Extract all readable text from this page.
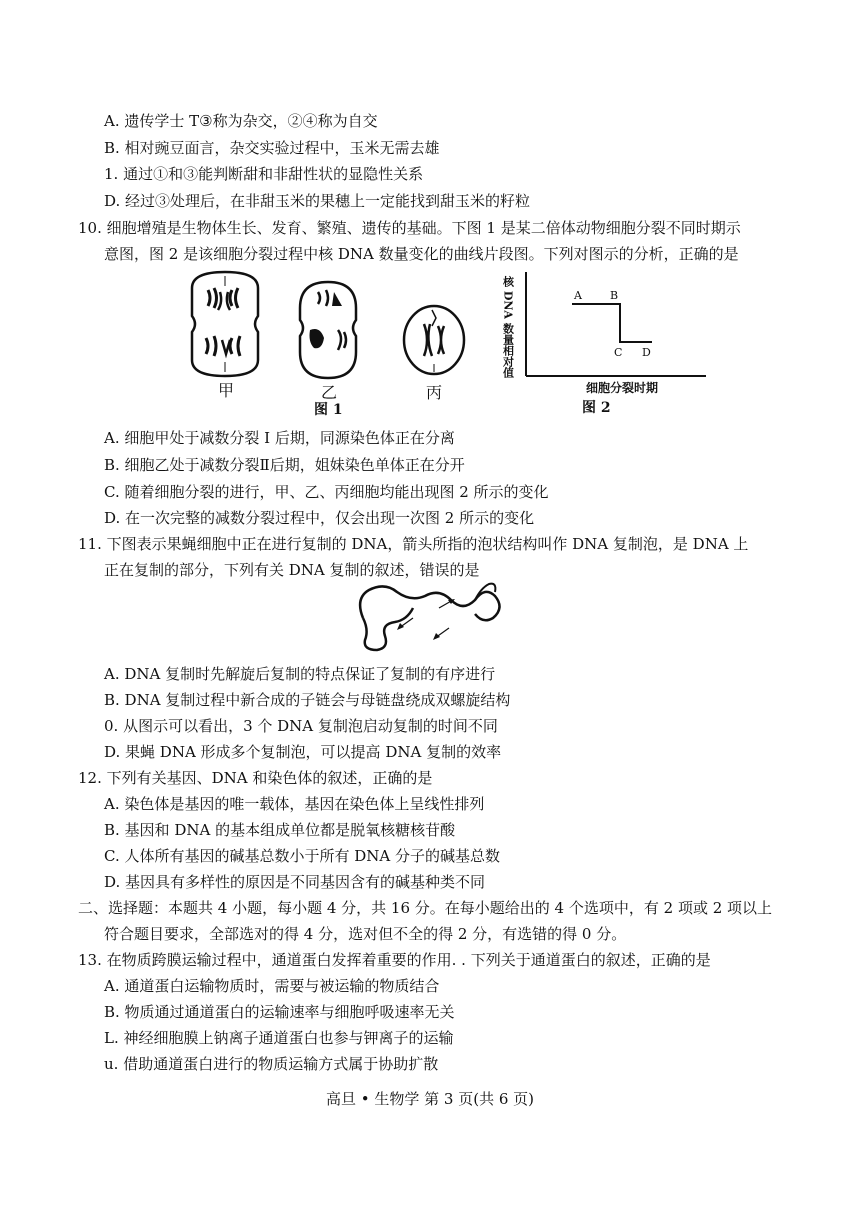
A. 遗传学士 T③称为杂交，②④称为自交
B. 相对豌豆面言，杂交实验过程中，玉米无需去雄
1. 通过①和③能判断甜和非甜性状的显隐性关系
D. 经过③处理后，在非甜玉米的果穗上一定能找到甜玉米的籽粒
10. 细胞增殖是生物体生长、发育、繁殖、遗传的基础。下图 1 是某二倍体动物细胞分裂不同时期示
意图，图 2 是该细胞分裂过程中核 DNA 数量变化的曲线片段图。下列对图示的分析，正确的是
甲	乙	丙
图 1
核 DNA 数量相对值	A	B
C D
细胞分裂时期
图 2
A. 细胞甲处于减数分裂 I 后期，同源染色体正在分离
B. 细胞乙处于减数分裂Ⅱ后期，姐妹染色单体正在分开
C. 随着细胞分裂的进行，甲、乙、丙细胞均能出现图 2 所示的变化
D. 在一次完整的减数分裂过程中，仅会出现一次图 2 所示的变化
11. 下图表示果蝇细胞中正在进行复制的 DNA，箭头所指的泡状结构叫作 DNA 复制泡，是 DNA 上
正在复制的部分，下列有关 DNA 复制的叙述，错误的是
A. DNA 复制时先解旋后复制的特点保证了复制的有序进行
B. DNA 复制过程中新合成的子链会与母链盘绕成双螺旋结构
0. 从图示可以看出，3 个 DNA 复制泡启动复制的时间不同
D. 果蝇 DNA 形成多个复制泡，可以提高 DNA 复制的效率
12. 下列有关基因、DNA 和染色体的叙述，正确的是
A. 染色体是基因的唯一载体，基因在染色体上呈线性排列
B. 基因和 DNA 的基本组成单位都是脱氧核糖核苷酸
C. 人体所有基因的碱基总数小于所有 DNA 分子的碱基总数
D. 基因具有多样性的原因是不同基因含有的碱基种类不同
二、选择题：本题共 4 小题，每小题 4 分，共 16 分。在每小题给出的 4 个选项中，有 2 项或 2 项以上
符合题目要求，全部选对的得 4 分，选对但不全的得 2 分，有选错的得 0 分。
13. 在物质跨膜运输过程中，通道蛋白发挥着重要的作用. . 下列关于通道蛋白的叙述，正确的是
A. 通道蛋白运输物质时，需要与被运输的物质结合
B. 物质通过通道蛋白的运输速率与细胞呼吸速率无关
L. 神经细胞膜上钠离子通道蛋白也参与钾离子的运输
u. 借助通道蛋白进行的物质运输方式属于协助扩散
高旦 • 生物学 第 3 页(共 6 页)
